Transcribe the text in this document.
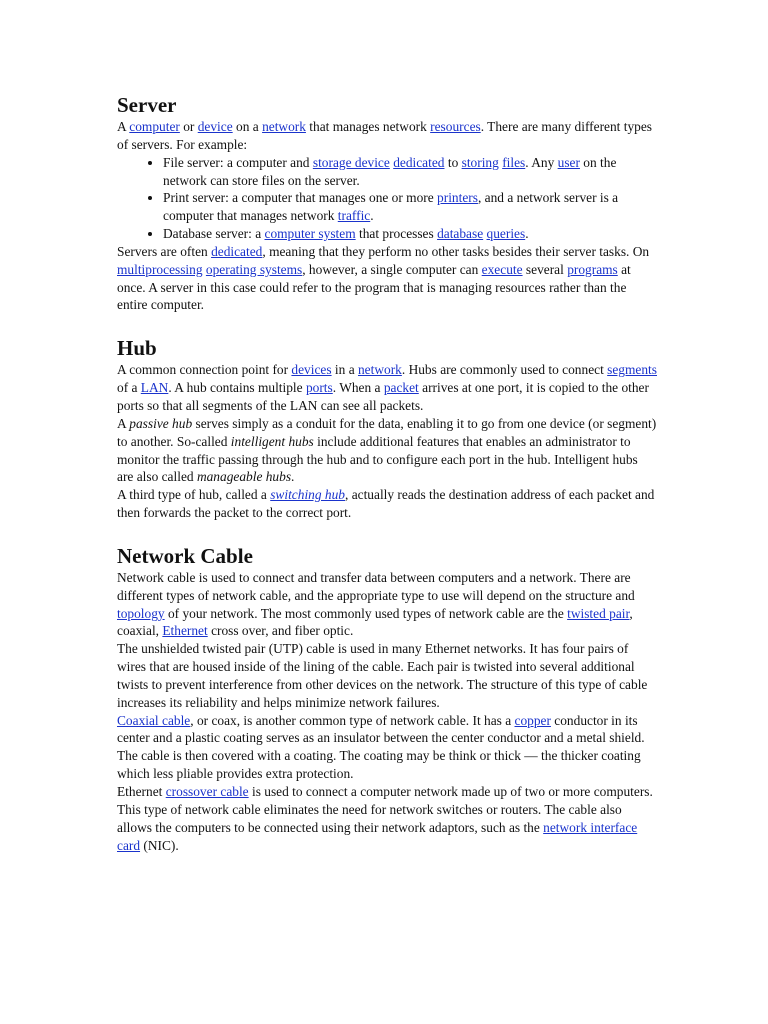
Server

A computer or device on a network that manages network resources. There are many different types of servers. For example:

• File server: a computer and storage device dedicated to storing files. Any user on the network can store files on the server.
• Print server: a computer that manages one or more printers, and a network server is a computer that manages network traffic.
• Database server: a computer system that processes database queries.

Servers are often dedicated, meaning that they perform no other tasks besides their server tasks. On multiprocessing operating systems, however, a single computer can execute several programs at once. A server in this case could refer to the program that is managing resources rather than the entire computer.

Hub

A common connection point for devices in a network. Hubs are commonly used to connect segments of a LAN. A hub contains multiple ports. When a packet arrives at one port, it is copied to the other ports so that all segments of the LAN can see all packets.

A passive hub serves simply as a conduit for the data, enabling it to go from one device (or segment) to another. So-called intelligent hubs include additional features that enables an administrator to monitor the traffic passing through the hub and to configure each port in the hub. Intelligent hubs are also called manageable hubs.

A third type of hub, called a switching hub, actually reads the destination address of each packet and then forwards the packet to the correct port.

Network Cable

Network cable is used to connect and transfer data between computers and a network. There are different types of network cable, and the appropriate type to use will depend on the structure and topology of your network. The most commonly used types of network cable are the twisted pair, coaxial, Ethernet cross over, and fiber optic.

The unshielded twisted pair (UTP) cable is used in many Ethernet networks. It has four pairs of wires that are housed inside of the lining of the cable. Each pair is twisted into several additional twists to prevent interference from other devices on the network. The structure of this type of cable increases its reliability and helps minimize network failures.

Coaxial cable, or coax, is another common type of network cable. It has a copper conductor in its center and a plastic coating serves as an insulator between the center conductor and a metal shield. The cable is then covered with a coating. The coating may be think or thick — the thicker coating which less pliable provides extra protection.

Ethernet crossover cable is used to connect a computer network made up of two or more computers. This type of network cable eliminates the need for network switches or routers. The cable also allows the computers to be connected using their network adaptors, such as the network interface card (NIC).
